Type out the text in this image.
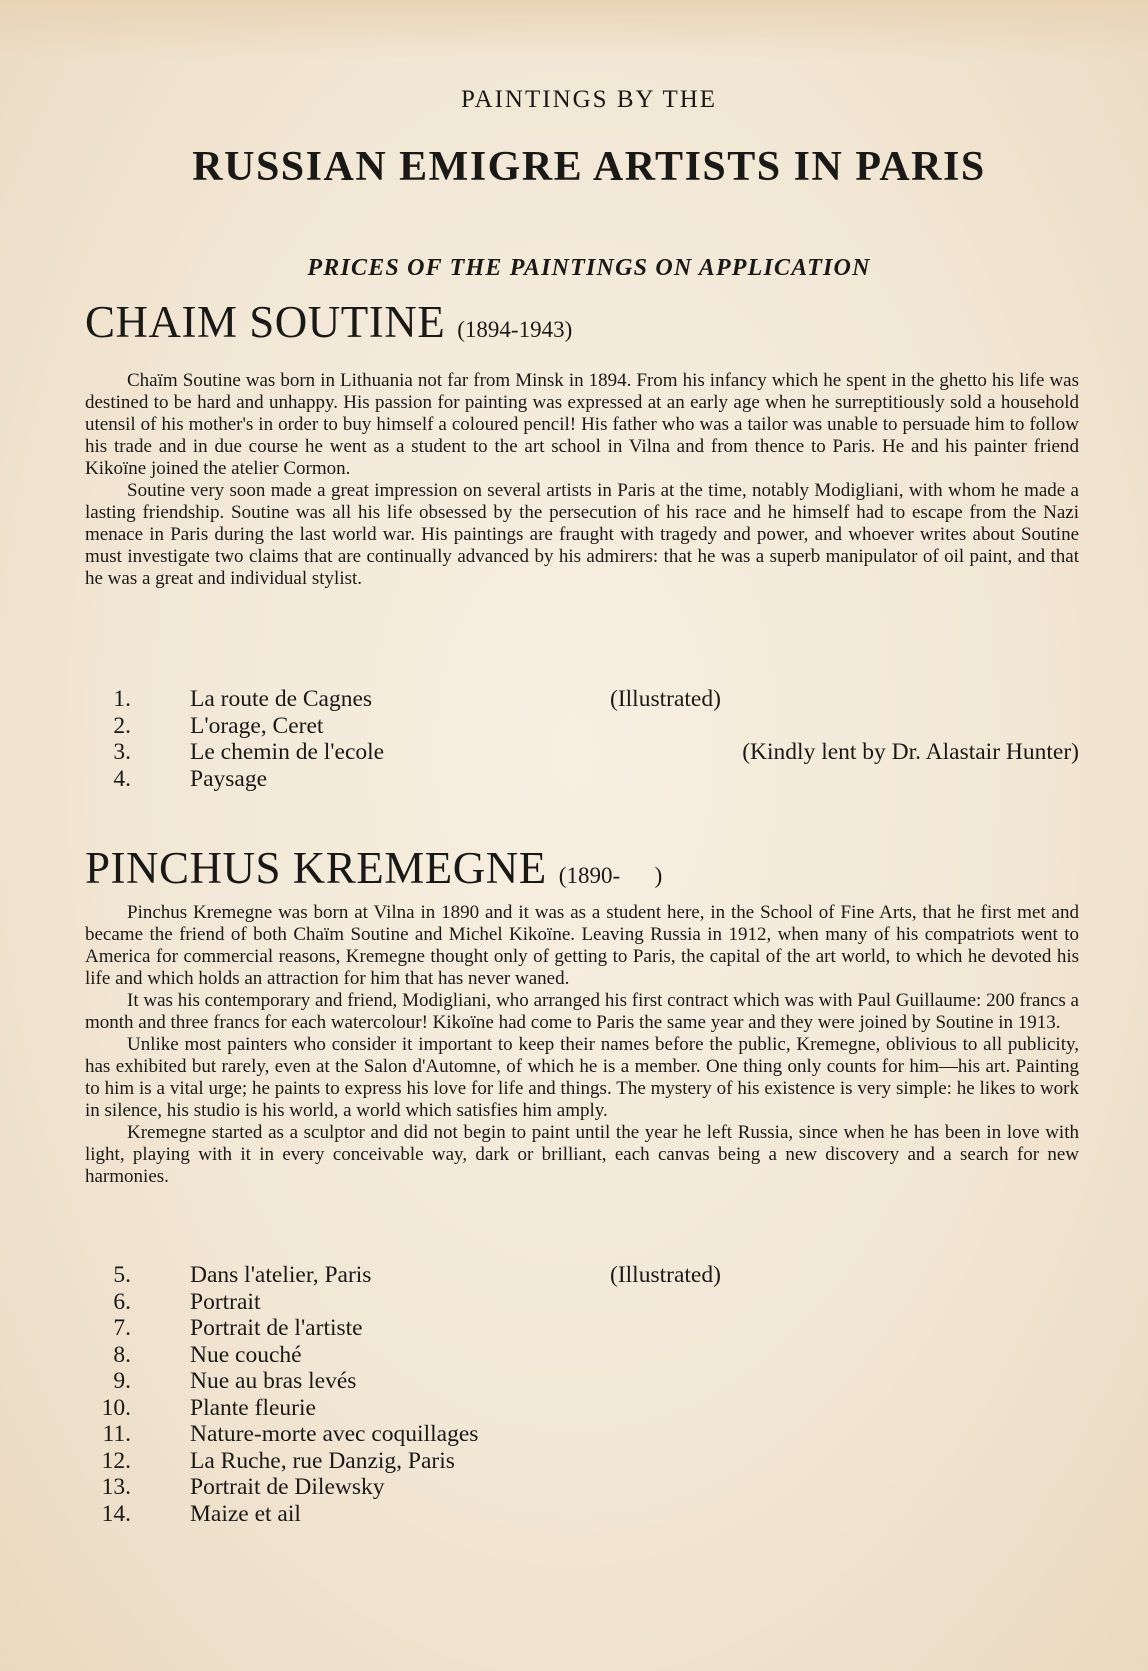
PAINTINGS BY THE
RUSSIAN EMIGRE ARTISTS IN PARIS
PRICES OF THE PAINTINGS ON APPLICATION
CHAIM SOUTINE (1894-1943)

Chaïm Soutine was born in Lithuania not far from Minsk in 1894. From his infancy which he spent in the ghetto his life was destined to be hard and unhappy. His passion for painting was expressed at an early age when he surreptitiously sold a household utensil of his mother's in order to buy himself a coloured pencil! His father who was a tailor was unable to persuade him to follow his trade and in due course he went as a student to the art school in Vilna and from thence to Paris. He and his painter friend Kikoïne joined the atelier Cormon.

Soutine very soon made a great impression on several artists in Paris at the time, notably Modigliani, with whom he made a lasting friendship. Soutine was all his life obsessed by the persecution of his race and he himself had to escape from the Nazi menace in Paris during the last world war. His paintings are fraught with tragedy and power, and whoever writes about Soutine must investigate two claims that are continually advanced by his admirers: that he was a superb manipulator of oil paint, and that he was a great and individual stylist.

1.	La route de Cagnes	(Illustrated)
2.	L'orage, Ceret
3.	Le chemin de l'ecole	(Kindly lent by Dr. Alastair Hunter)
4.	Paysage
PINCHUS KREMEGNE (1890-      )

Pinchus Kremegne was born at Vilna in 1890 and it was as a student here, in the School of Fine Arts, that he first met and became the friend of both Chaïm Soutine and Michel Kikoïne. Leaving Russia in 1912, when many of his compatriots went to America for commercial reasons, Kremegne thought only of getting to Paris, the capital of the art world, to which he devoted his life and which holds an attraction for him that has never waned.

It was his contemporary and friend, Modigliani, who arranged his first contract which was with Paul Guillaume: 200 francs a month and three francs for each watercolour! Kikoïne had come to Paris the same year and they were joined by Soutine in 1913.

Unlike most painters who consider it important to keep their names before the public, Kremegne, oblivious to all publicity, has exhibited but rarely, even at the Salon d'Automne, of which he is a member. One thing only counts for him—his art. Painting to him is a vital urge; he paints to express his love for life and things. The mystery of his existence is very simple: he likes to work in silence, his studio is his world, a world which satisfies him amply.

Kremegne started as a sculptor and did not begin to paint until the year he left Russia, since when he has been in love with light, playing with it in every conceivable way, dark or brilliant, each canvas being a new discovery and a search for new harmonies.

5.	Dans l'atelier, Paris	(Illustrated)
6.	Portrait
7.	Portrait de l'artiste
8.	Nue couché
9.	Nue au bras levés
10.	Plante fleurie
11.	Nature-morte avec coquillages
12.	La Ruche, rue Danzig, Paris
13.	Portrait de Dilewsky
14.	Maize et ail
